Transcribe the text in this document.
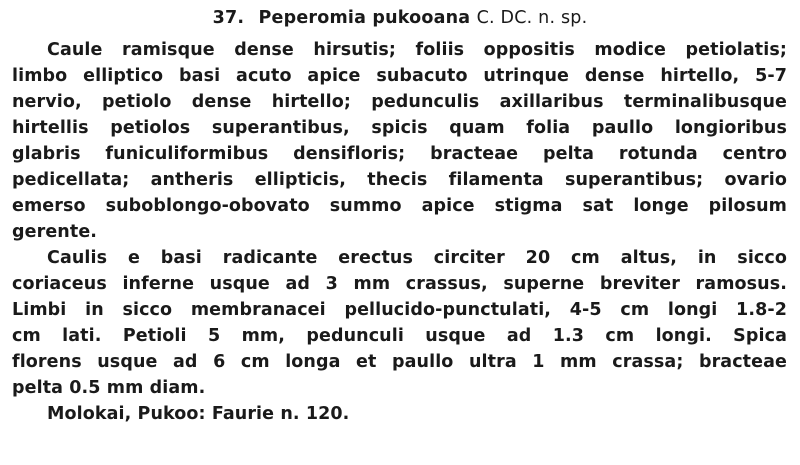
37. Peperomia pukooana C. DC. n. sp.
Caule ramisque dense hirsutis; foliis oppositis modice petiolatis;
limbo elliptico basi acuto apice subacuto utrinque dense hirtello, 5-7
nervio, petiolo dense hirtello; pedunculis axillaribus terminalibusque
hirtellis petiolos superantibus, spicis quam folia paullo longioribus
glabris funiculiformibus densifloris; bracteae pelta rotunda centro
pedicellata; antheris ellipticis, thecis filamenta superantibus; ovario
emerso suboblongo-obovato summo apice stigma sat longe pilosum
gerente.
Caulis e basi radicante erectus circiter 20 cm altus, in sicco
coriaceus inferne usque ad 3 mm crassus, superne breviter ramosus.
Limbi in sicco membranacei pellucido-punctulati, 4-5 cm longi 1.8-2
cm lati. Petioli 5 mm, pedunculi usque ad 1.3 cm longi. Spica
florens usque ad 6 cm longa et paullo ultra 1 mm crassa; bracteae
pelta 0.5 mm diam.
Molokai, Pukoo: Faurie n. 120.
